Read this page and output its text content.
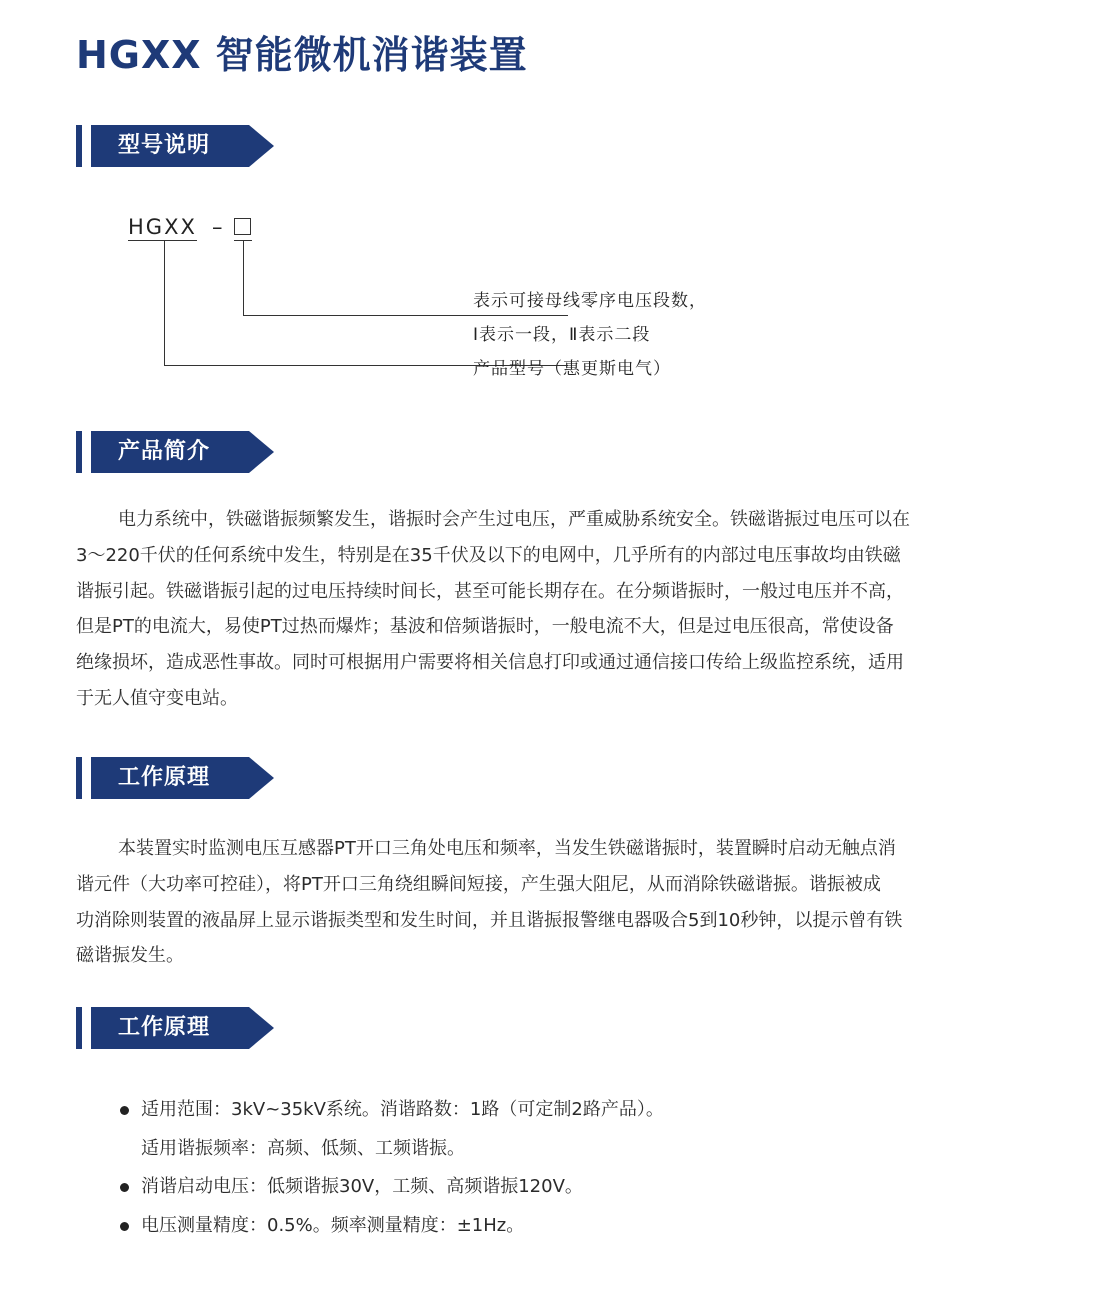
HGXX 智能微机消谐装置
型号说明
HGXX –
表示可接母线零序电压段数，
Ⅰ表示一段，Ⅱ表示二段
产品型号（惠更斯电气）
产品简介

电力系统中，铁磁谐振频繁发生，谐振时会产生过电压，严重威胁系统安全。铁磁谐振过电压可以在
3～220千伏的任何系统中发生，特别是在35千伏及以下的电网中，几乎所有的内部过电压事故均由铁磁
谐振引起。铁磁谐振引起的过电压持续时间长，甚至可能长期存在。在分频谐振时，一般过电压并不高，
但是PT的电流大，易使PT过热而爆炸；基波和倍频谐振时，一般电流不大，但是过电压很高，常使设备
绝缘损坏，造成恶性事故。同时可根据用户需要将相关信息打印或通过通信接口传给上级监控系统，适用
于无人值守变电站。

工作原理

本装置实时监测电压互感器PT开口三角处电压和频率，当发生铁磁谐振时，装置瞬时启动无触点消
谐元件（大功率可控硅），将PT开口三角绕组瞬间短接，产生强大阻尼，从而消除铁磁谐振。谐振被成
功消除则装置的液晶屏上显示谐振类型和发生时间，并且谐振报警继电器吸合5到10秒钟，以提示曾有铁
磁谐振发生。

工作原理
适用范围：3kV~35kV系统。消谐路数：1路（可定制2路产品）。
适用谐振频率：高频、低频、工频谐振。
消谐启动电压：低频谐振30V，工频、高频谐振120V。
电压测量精度：0.5%。频率测量精度：±1Hz。
